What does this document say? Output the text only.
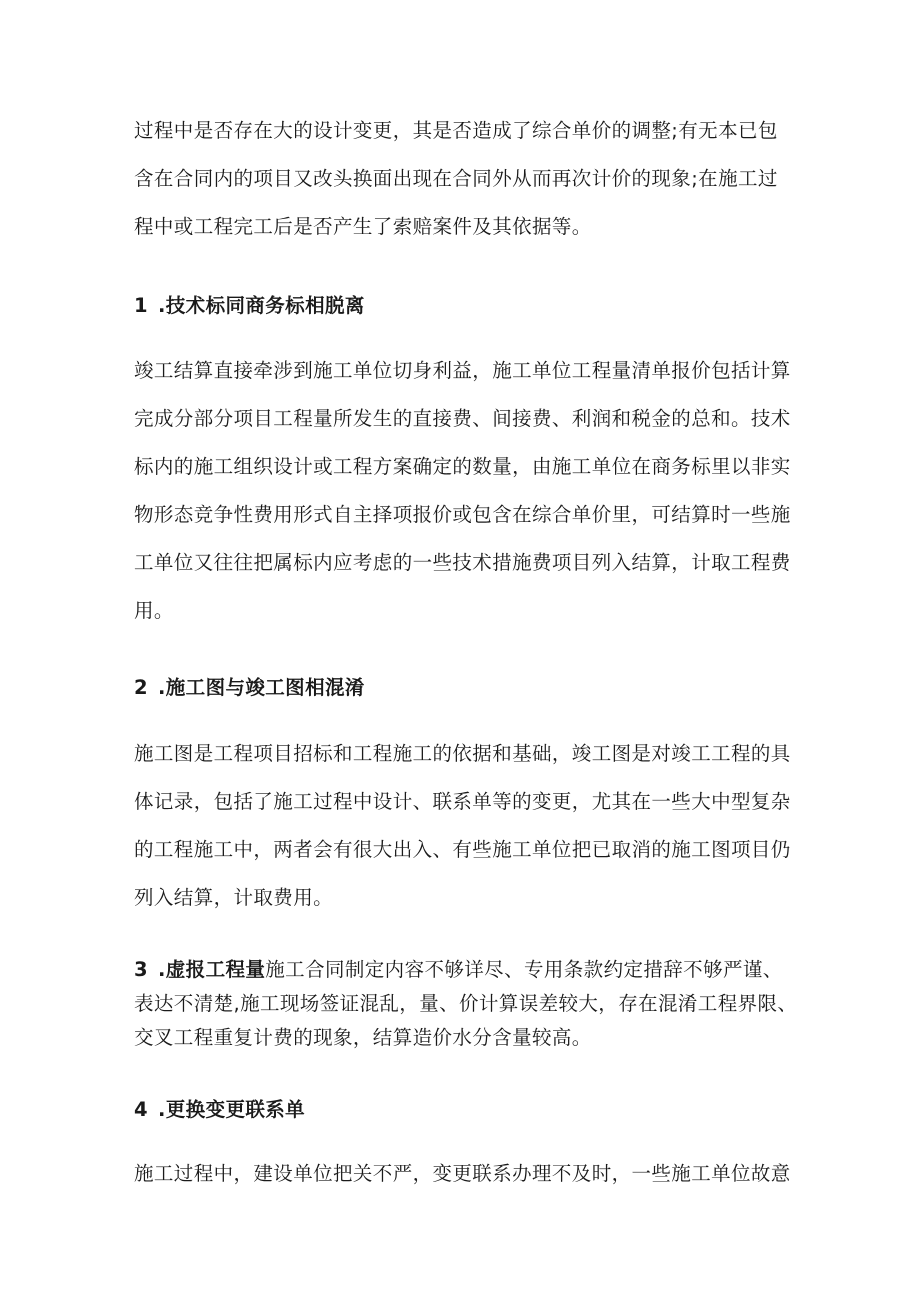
过程中是否存在大的设计变更，其是否造成了综合单价的调整;有无本已包
含在合同内的项目又改头换面出现在合同外从而再次计价的现象;在施工过
程中或工程完工后是否产生了索赔案件及其依据等。

1 .技术标同商务标相脱离

竣工结算直接牵涉到施工单位切身利益，施工单位工程量清单报价包括计算
完成分部分项目工程量所发生的直接费、间接费、利润和税金的总和。技术
标内的施工组织设计或工程方案确定的数量，由施工单位在商务标里以非实
物形态竞争性费用形式自主择项报价或包含在综合单价里，可结算时一些施
工单位又往往把属标内应考虑的一些技术措施费项目列入结算，计取工程费
用。

2 .施工图与竣工图相混淆

施工图是工程项目招标和工程施工的依据和基础，竣工图是对竣工工程的具
体记录，包括了施工过程中设计、联系单等的变更，尤其在一些大中型复杂
的工程施工中，两者会有很大出入、有些施工单位把已取消的施工图项目仍
列入结算，计取费用。

3 .虚报工程量施工合同制定内容不够详尽、专用条款约定措辞不够严谨、
表达不清楚,施工现场签证混乱，量、价计算误差较大，存在混淆工程界限、
交叉工程重复计费的现象，结算造价水分含量较高。

4 .更换变更联系单

施工过程中，建设单位把关不严，变更联系办理不及时，一些施工单位故意
